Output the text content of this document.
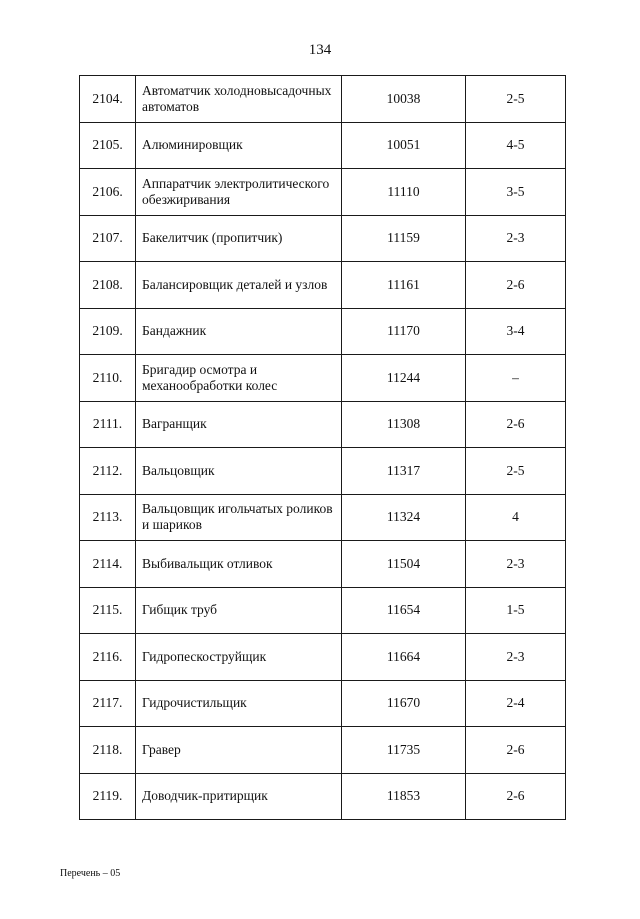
134
2104.	Автоматчик холодновысадочных автоматов	10038	2-5
2105.	Алюминировщик	10051	4-5
2106.	Аппаратчик электролитического обезжиривания	11110	3-5
2107.	Бакелитчик (пропитчик)	11159	2-3
2108.	Балансировщик деталей и узлов	11161	2-6
2109.	Бандажник	11170	3-4
2110.	Бригадир осмотра и механообработки колес	11244	–
2111.	Вагранщик	11308	2-6
2112.	Вальцовщик	11317	2-5
2113.	Вальцовщик игольчатых роликов и шариков	11324	4
2114.	Выбивальщик отливок	11504	2-3
2115.	Гибщик труб	11654	1-5
2116.	Гидропескоструйщик	11664	2-3
2117.	Гидрочистильщик	11670	2-4
2118.	Гравер	11735	2-6
2119.	Доводчик-притирщик	11853	2-6
Перечень – 05
